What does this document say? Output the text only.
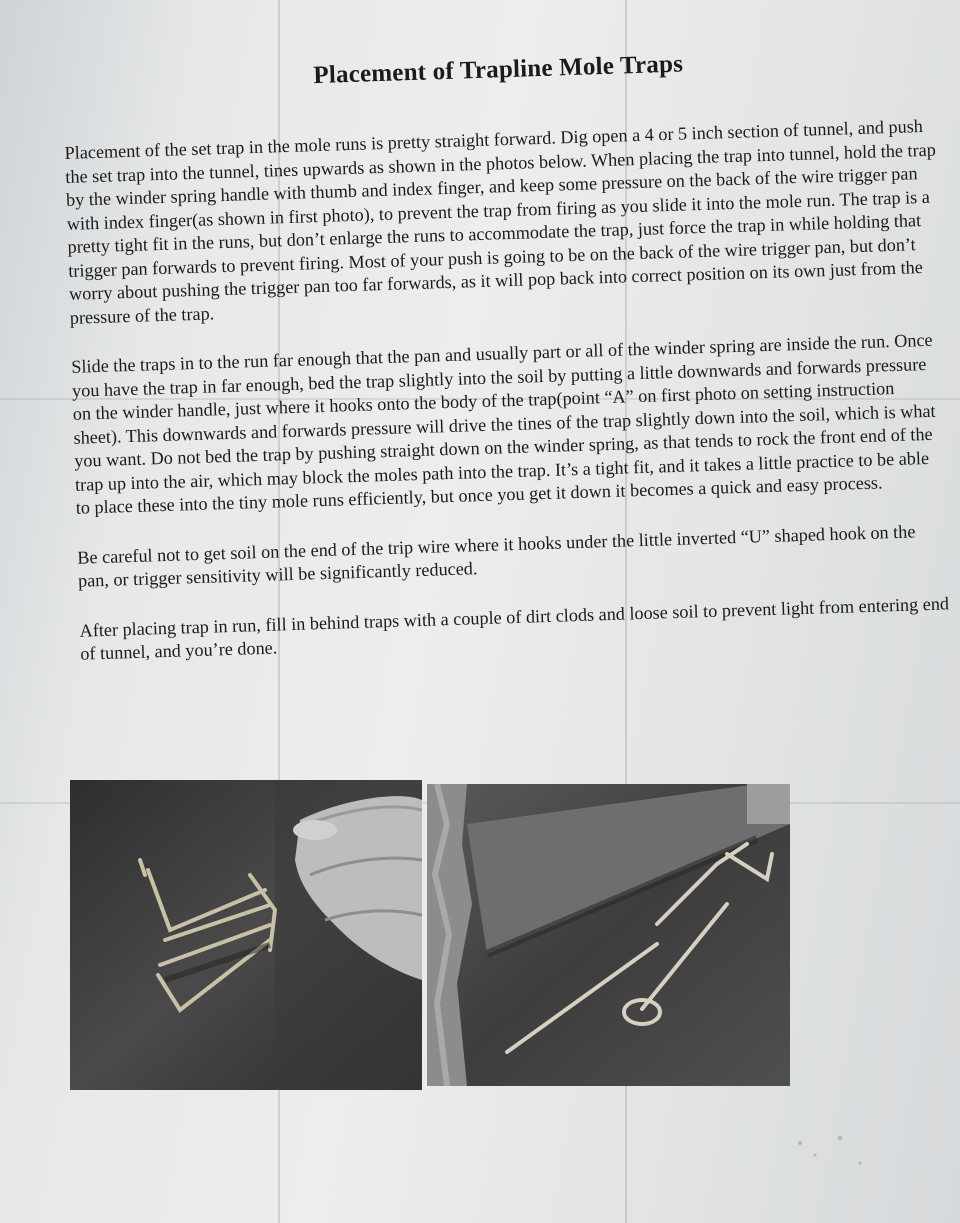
Placement of Trapline Mole Traps

Placement of the set trap in the mole runs is pretty straight forward. Dig open a 4 or 5 inch section of tunnel, and push the set trap into the tunnel, tines upwards as shown in the photos below. When placing the trap into tunnel, hold the trap by the winder spring handle with thumb and index finger, and keep some pressure on the back of the wire trigger pan with index finger(as shown in first photo), to prevent the trap from firing as you slide it into the mole run. The trap is a pretty tight fit in the runs, but don’t enlarge the runs to accommodate the trap, just force the trap in while holding that trigger pan forwards to prevent firing. Most of your push is going to be on the back of the wire trigger pan, but don’t worry about pushing the trigger pan too far forwards, as it will pop back into correct position on its own just from the pressure of the trap.

Slide the traps in to the run far enough that the pan and usually part or all of the winder spring are inside the run. Once you have the trap in far enough, bed the trap slightly into the soil by putting a little downwards and forwards pressure on the winder handle, just where it hooks onto the body of the trap(point “A” on first photo on setting instruction sheet). This downwards and forwards pressure will drive the tines of the trap slightly down into the soil, which is what you want. Do not bed the trap by pushing straight down on the winder spring, as that tends to rock the front end of the trap up into the air, which may block the moles path into the trap. It’s a tight fit, and it takes a little practice to be able to place these into the tiny mole runs efficiently, but once you get it down it becomes a quick and easy process.

Be careful not to get soil on the end of the trip wire where it hooks under the little inverted “U” shaped hook on the pan, or trigger sensitivity will be significantly reduced.

After placing trap in run, fill in behind traps with a couple of dirt clods and loose soil to prevent light from entering end of tunnel, and you’re done.
